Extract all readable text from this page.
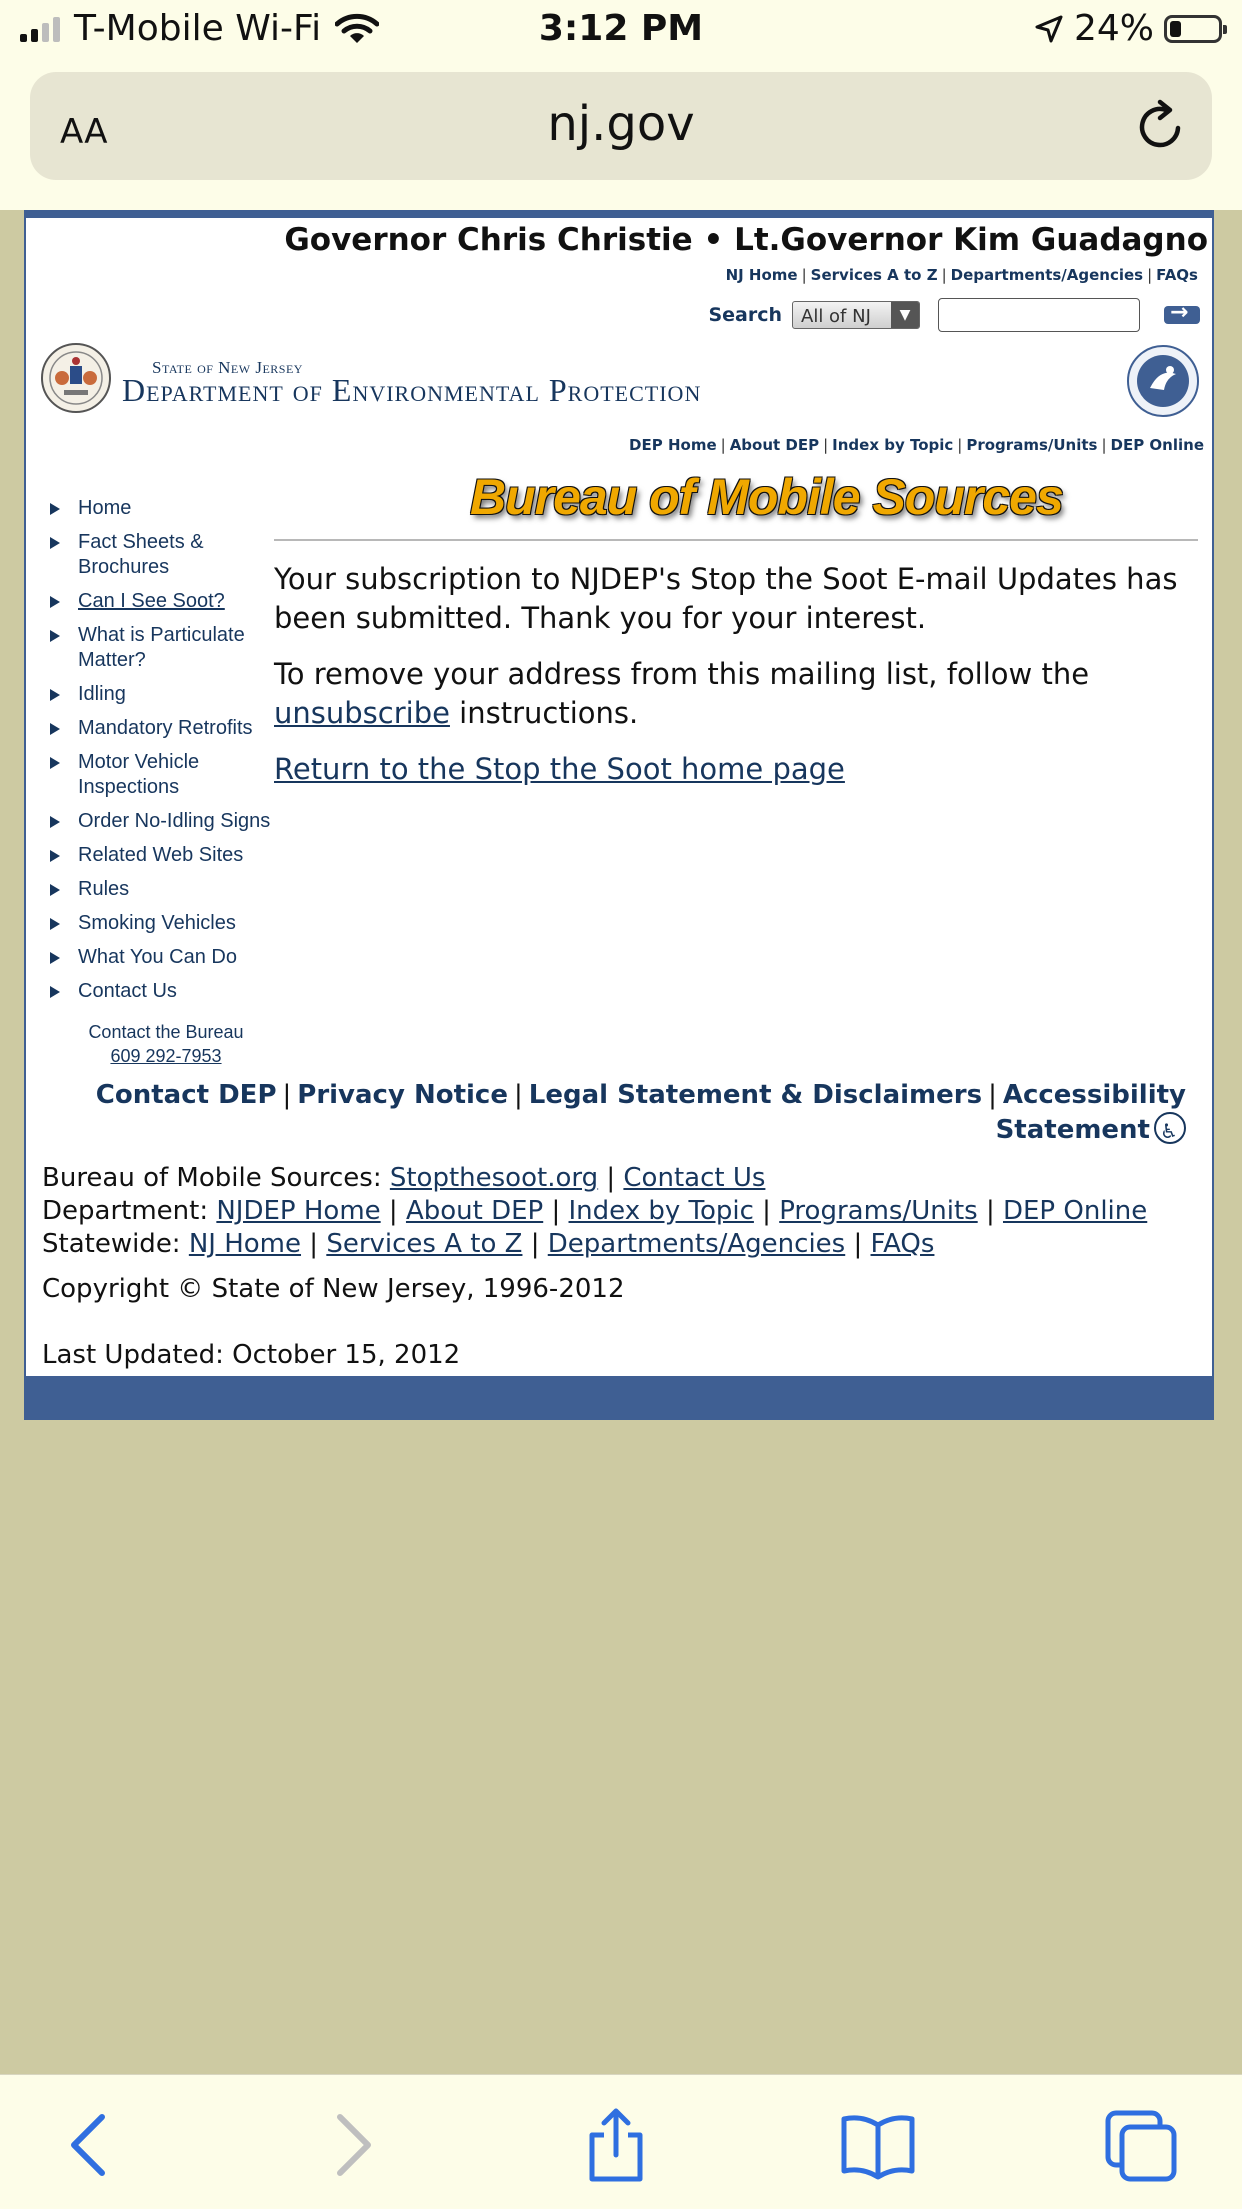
T-Mobile Wi-Fi	3:12 PM	24%
AA	nj.gov
Governor Chris Christie • Lt.Governor Kim Guadagno
NJ Home | Services A to Z | Departments/Agencies | FAQs
Search	All of NJ	▼
→
State of New Jersey
Department of Environmental Protection
DEP Home | About DEP | Index by Topic | Programs/Units | DEP Online
Bureau of Mobile Sources
Home
Fact Sheets & Brochures
Can I See Soot?
What is Particulate Matter?
Idling
Mandatory Retrofits
Motor Vehicle Inspections
Order No-Idling Signs
Related Web Sites
Rules
Smoking Vehicles
What You Can Do
Contact Us
Contact the Bureau
609 292-7953

Your subscription to NJDEP's Stop the Soot E-mail Updates has been submitted. Thank you for your interest.

To remove your address from this mailing list, follow the unsubscribe instructions.

Return to the Stop the Soot home page

Contact DEP | Privacy Notice | Legal Statement & Disclaimers | Accessibility
Statement♿
Bureau of Mobile Sources: Stopthesoot.org | Contact Us
Department: NJDEP Home | About DEP | Index by Topic | Programs/Units | DEP Online
Statewide: NJ Home | Services A to Z | Departments/Agencies | FAQs
Copyright © State of New Jersey, 1996-2012
Last Updated: October 15, 2012
